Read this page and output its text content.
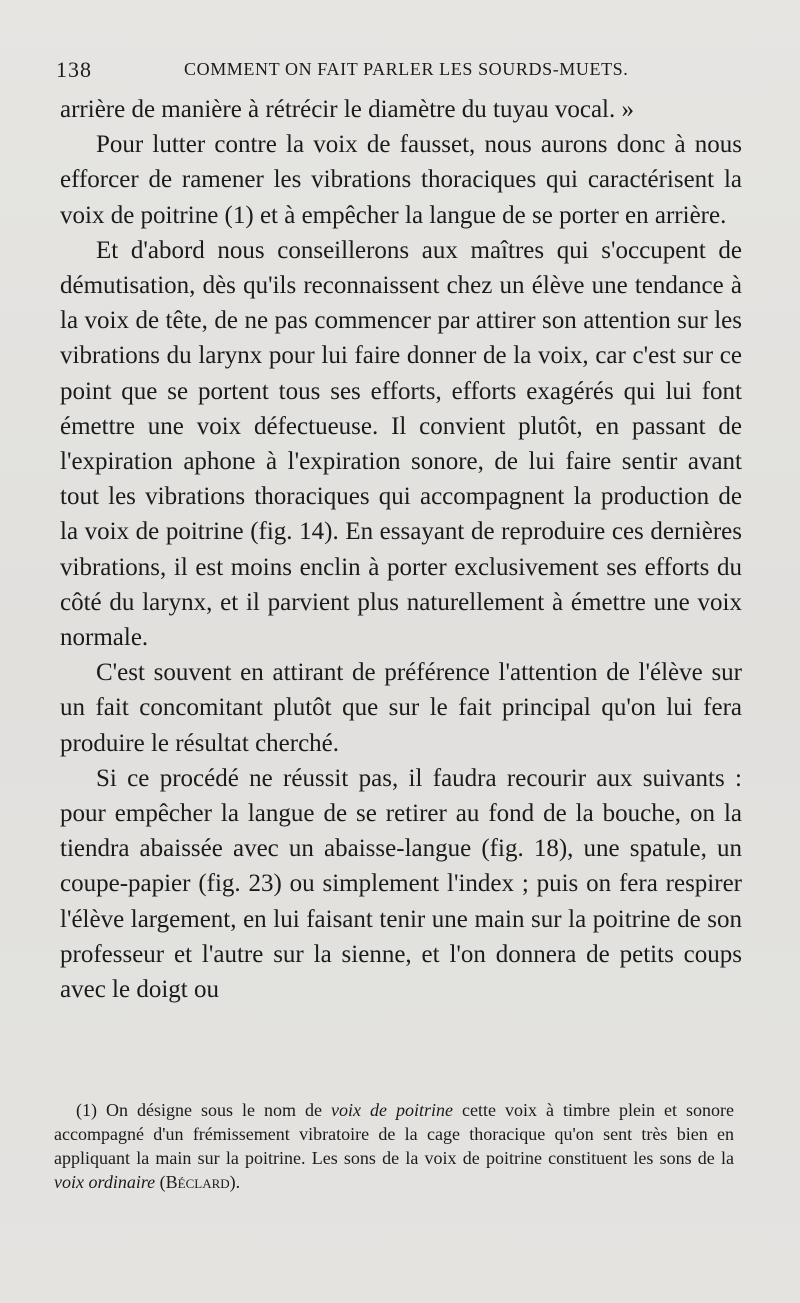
138	COMMENT ON FAIT PARLER LES SOURDS-MUETS.

arrière de manière à rétrécir le diamètre du tuyau vocal. »

Pour lutter contre la voix de fausset, nous aurons donc à nous efforcer de ramener les vibrations thoraciques qui caractérisent la voix de poitrine (1) et à empêcher la langue de se porter en arrière.

Et d'abord nous conseillerons aux maîtres qui s'occupent de démutisation, dès qu'ils reconnaissent chez un élève une tendance à la voix de tête, de ne pas commencer par attirer son attention sur les vibrations du larynx pour lui faire donner de la voix, car c'est sur ce point que se portent tous ses efforts, efforts exagérés qui lui font émettre une voix défectueuse. Il convient plutôt, en passant de l'expiration aphone à l'expiration sonore, de lui faire sentir avant tout les vibrations thoraciques qui accompagnent la production de la voix de poitrine (fig. 14). En essayant de reproduire ces dernières vibrations, il est moins enclin à porter exclusivement ses efforts du côté du larynx, et il parvient plus naturellement à émettre une voix normale.

C'est souvent en attirant de préférence l'attention de l'élève sur un fait concomitant plutôt que sur le fait principal qu'on lui fera produire le résultat cherché.

Si ce procédé ne réussit pas, il faudra recourir aux suivants : pour empêcher la langue de se retirer au fond de la bouche, on la tiendra abaissée avec un abaisse-langue (fig. 18), une spatule, un coupe-papier (fig. 23) ou simplement l'index ; puis on fera respirer l'élève largement, en lui faisant tenir une main sur la poitrine de son professeur et l'autre sur la sienne, et l'on donnera de petits coups avec le doigt ou

(1) On désigne sous le nom de voix de poitrine cette voix à timbre plein et sonore accompagné d'un frémissement vibratoire de la cage thoracique qu'on sent très bien en appliquant la main sur la poitrine. Les sons de la voix de poitrine constituent les sons de la voix ordinaire (Béclard).
